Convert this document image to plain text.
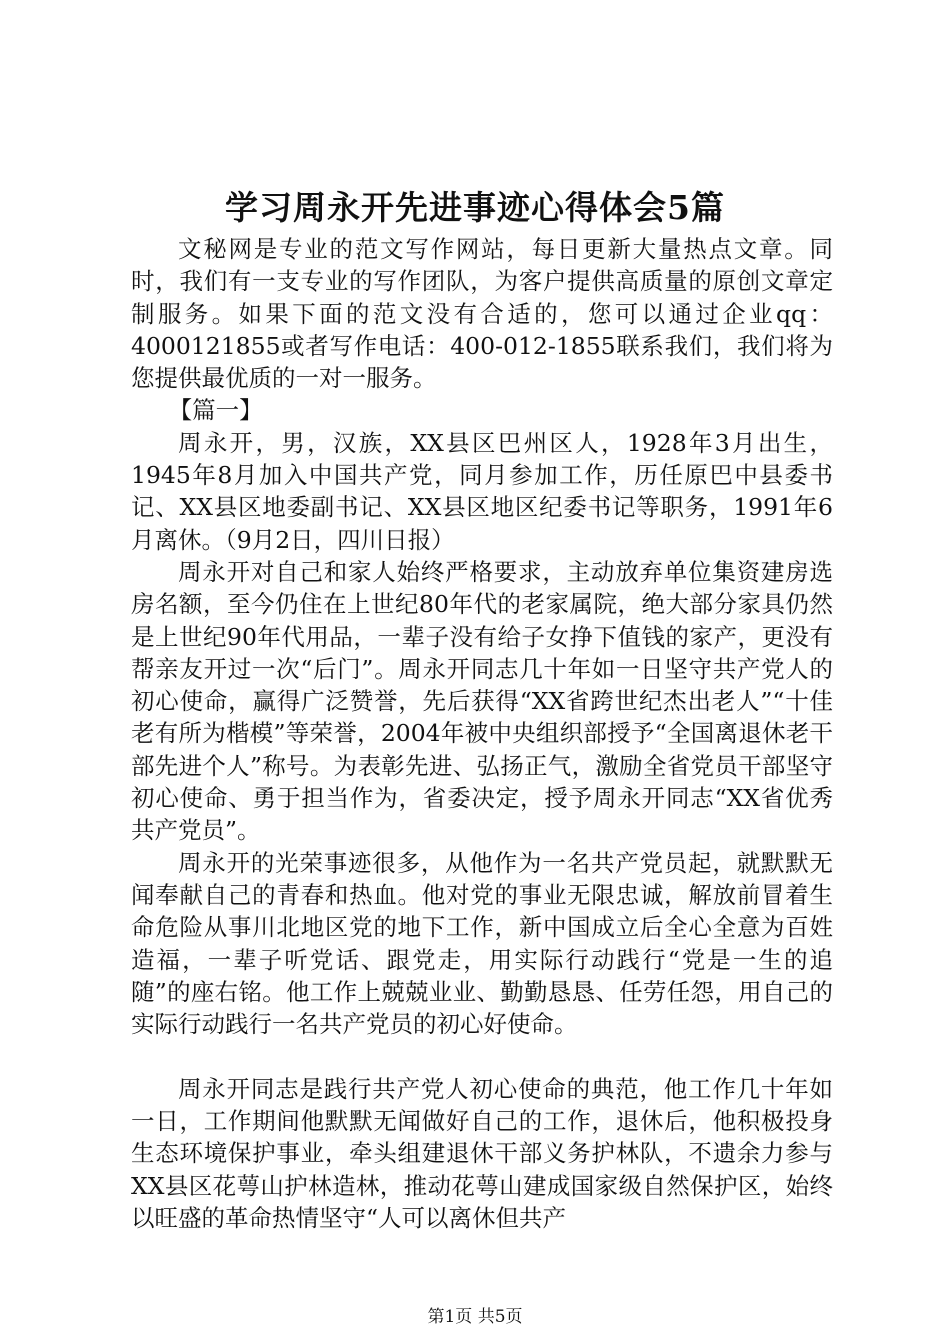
学习周永开先进事迹心得体会5篇

文秘网是专业的范文写作网站，每日更新大量热点文章。同时，我们有一支专业的写作团队，为客户提供高质量的原创文章定制服务。如果下面的范文没有合适的，您可以通过企业qq：4000121855或者写作电话：400-012-1855联系我们，我们将为您提供最优质的一对一服务。

【篇一】

周永开，男，汉族，XX县区巴州区人，1928年3月出生，1945年8月加入中国共产党，同月参加工作，历任原巴中县委书记、XX县区地委副书记、XX县区地区纪委书记等职务，1991年6月离休。（9月2日，四川日报）

周永开对自己和家人始终严格要求，主动放弃单位集资建房选房名额，至今仍住在上世纪80年代的老家属院，绝大部分家具仍然是上世纪90年代用品，一辈子没有给子女挣下值钱的家产，更没有帮亲友开过一次“后门”。周永开同志几十年如一日坚守共产党人的初心使命，赢得广泛赞誉，先后获得“XX省跨世纪杰出老人”“十佳老有所为楷模”等荣誉，2004年被中央组织部授予“全国离退休老干部先进个人”称号。为表彰先进、弘扬正气，激励全省党员干部坚守初心使命、勇于担当作为，省委决定，授予周永开同志“XX省优秀共产党员”。

周永开的光荣事迹很多，从他作为一名共产党员起，就默默无闻奉献自己的青春和热血。他对党的事业无限忠诚，解放前冒着生命危险从事川北地区党的地下工作，新中国成立后全心全意为百姓造福，一辈子听党话、跟党走，用实际行动践行“党是一生的追随”的座右铭。他工作上兢兢业业、勤勤恳恳、任劳任怨，用自己的实际行动践行一名共产党员的初心好使命。

周永开同志是践行共产党人初心使命的典范，他工作几十年如一日，工作期间他默默无闻做好自己的工作，退休后，他积极投身生态环境保护事业，牵头组建退休干部义务护林队，不遗余力参与XX县区花萼山护林造林，推动花萼山建成国家级自然保护区，始终以旺盛的革命热情坚守“人可以离休但共产

第1页 共5页
